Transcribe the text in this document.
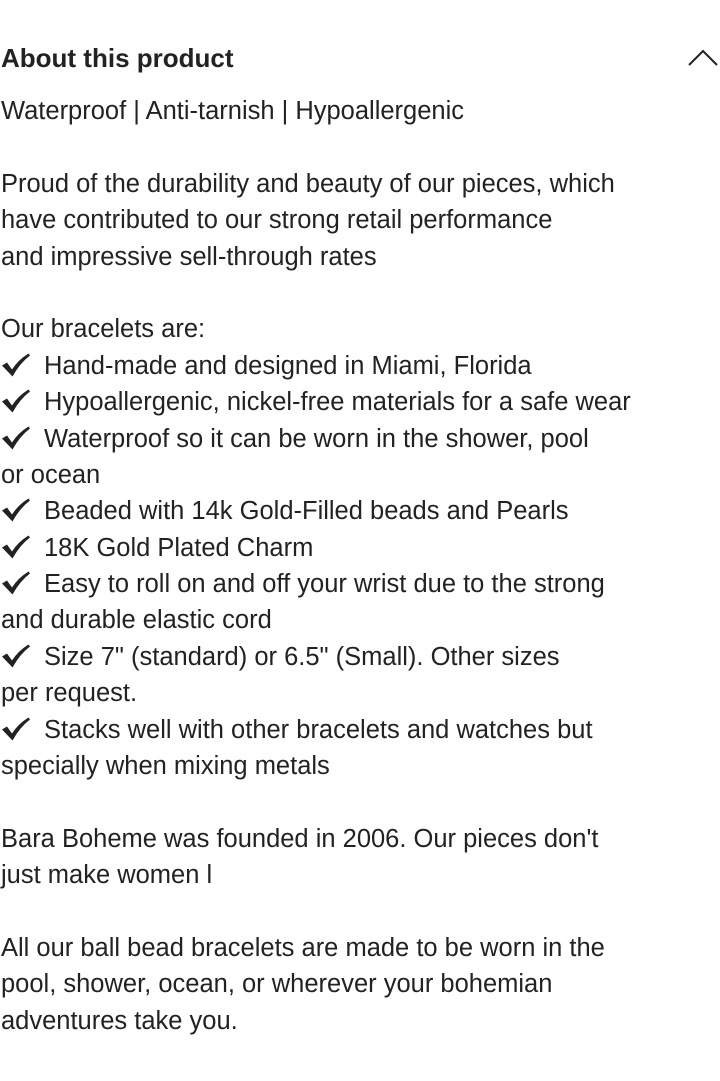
About this product
Waterproof | Anti-tarnish | Hypoallergenic
Proud of the durability and beauty of our pieces, which
have contributed to our strong retail performance
and impressive sell-through rates
Our bracelets are:
Hand-made and designed in Miami, Florida
Hypoallergenic, nickel-free materials for a safe wear
Waterproof so it can be worn in the shower, pool
or ocean
Beaded with 14k Gold-Filled beads and Pearls
18K Gold Plated Charm
Easy to roll on and off your wrist due to the strong
and durable elastic cord
Size 7" (standard) or 6.5" (Small). Other sizes
per request.
Stacks well with other bracelets and watches but
specially when mixing metals
Bara Boheme was founded in 2006. Our pieces don't
just make women l
All our ball bead bracelets are made to be worn in the
pool, shower, ocean, or wherever your bohemian
adventures take you.
